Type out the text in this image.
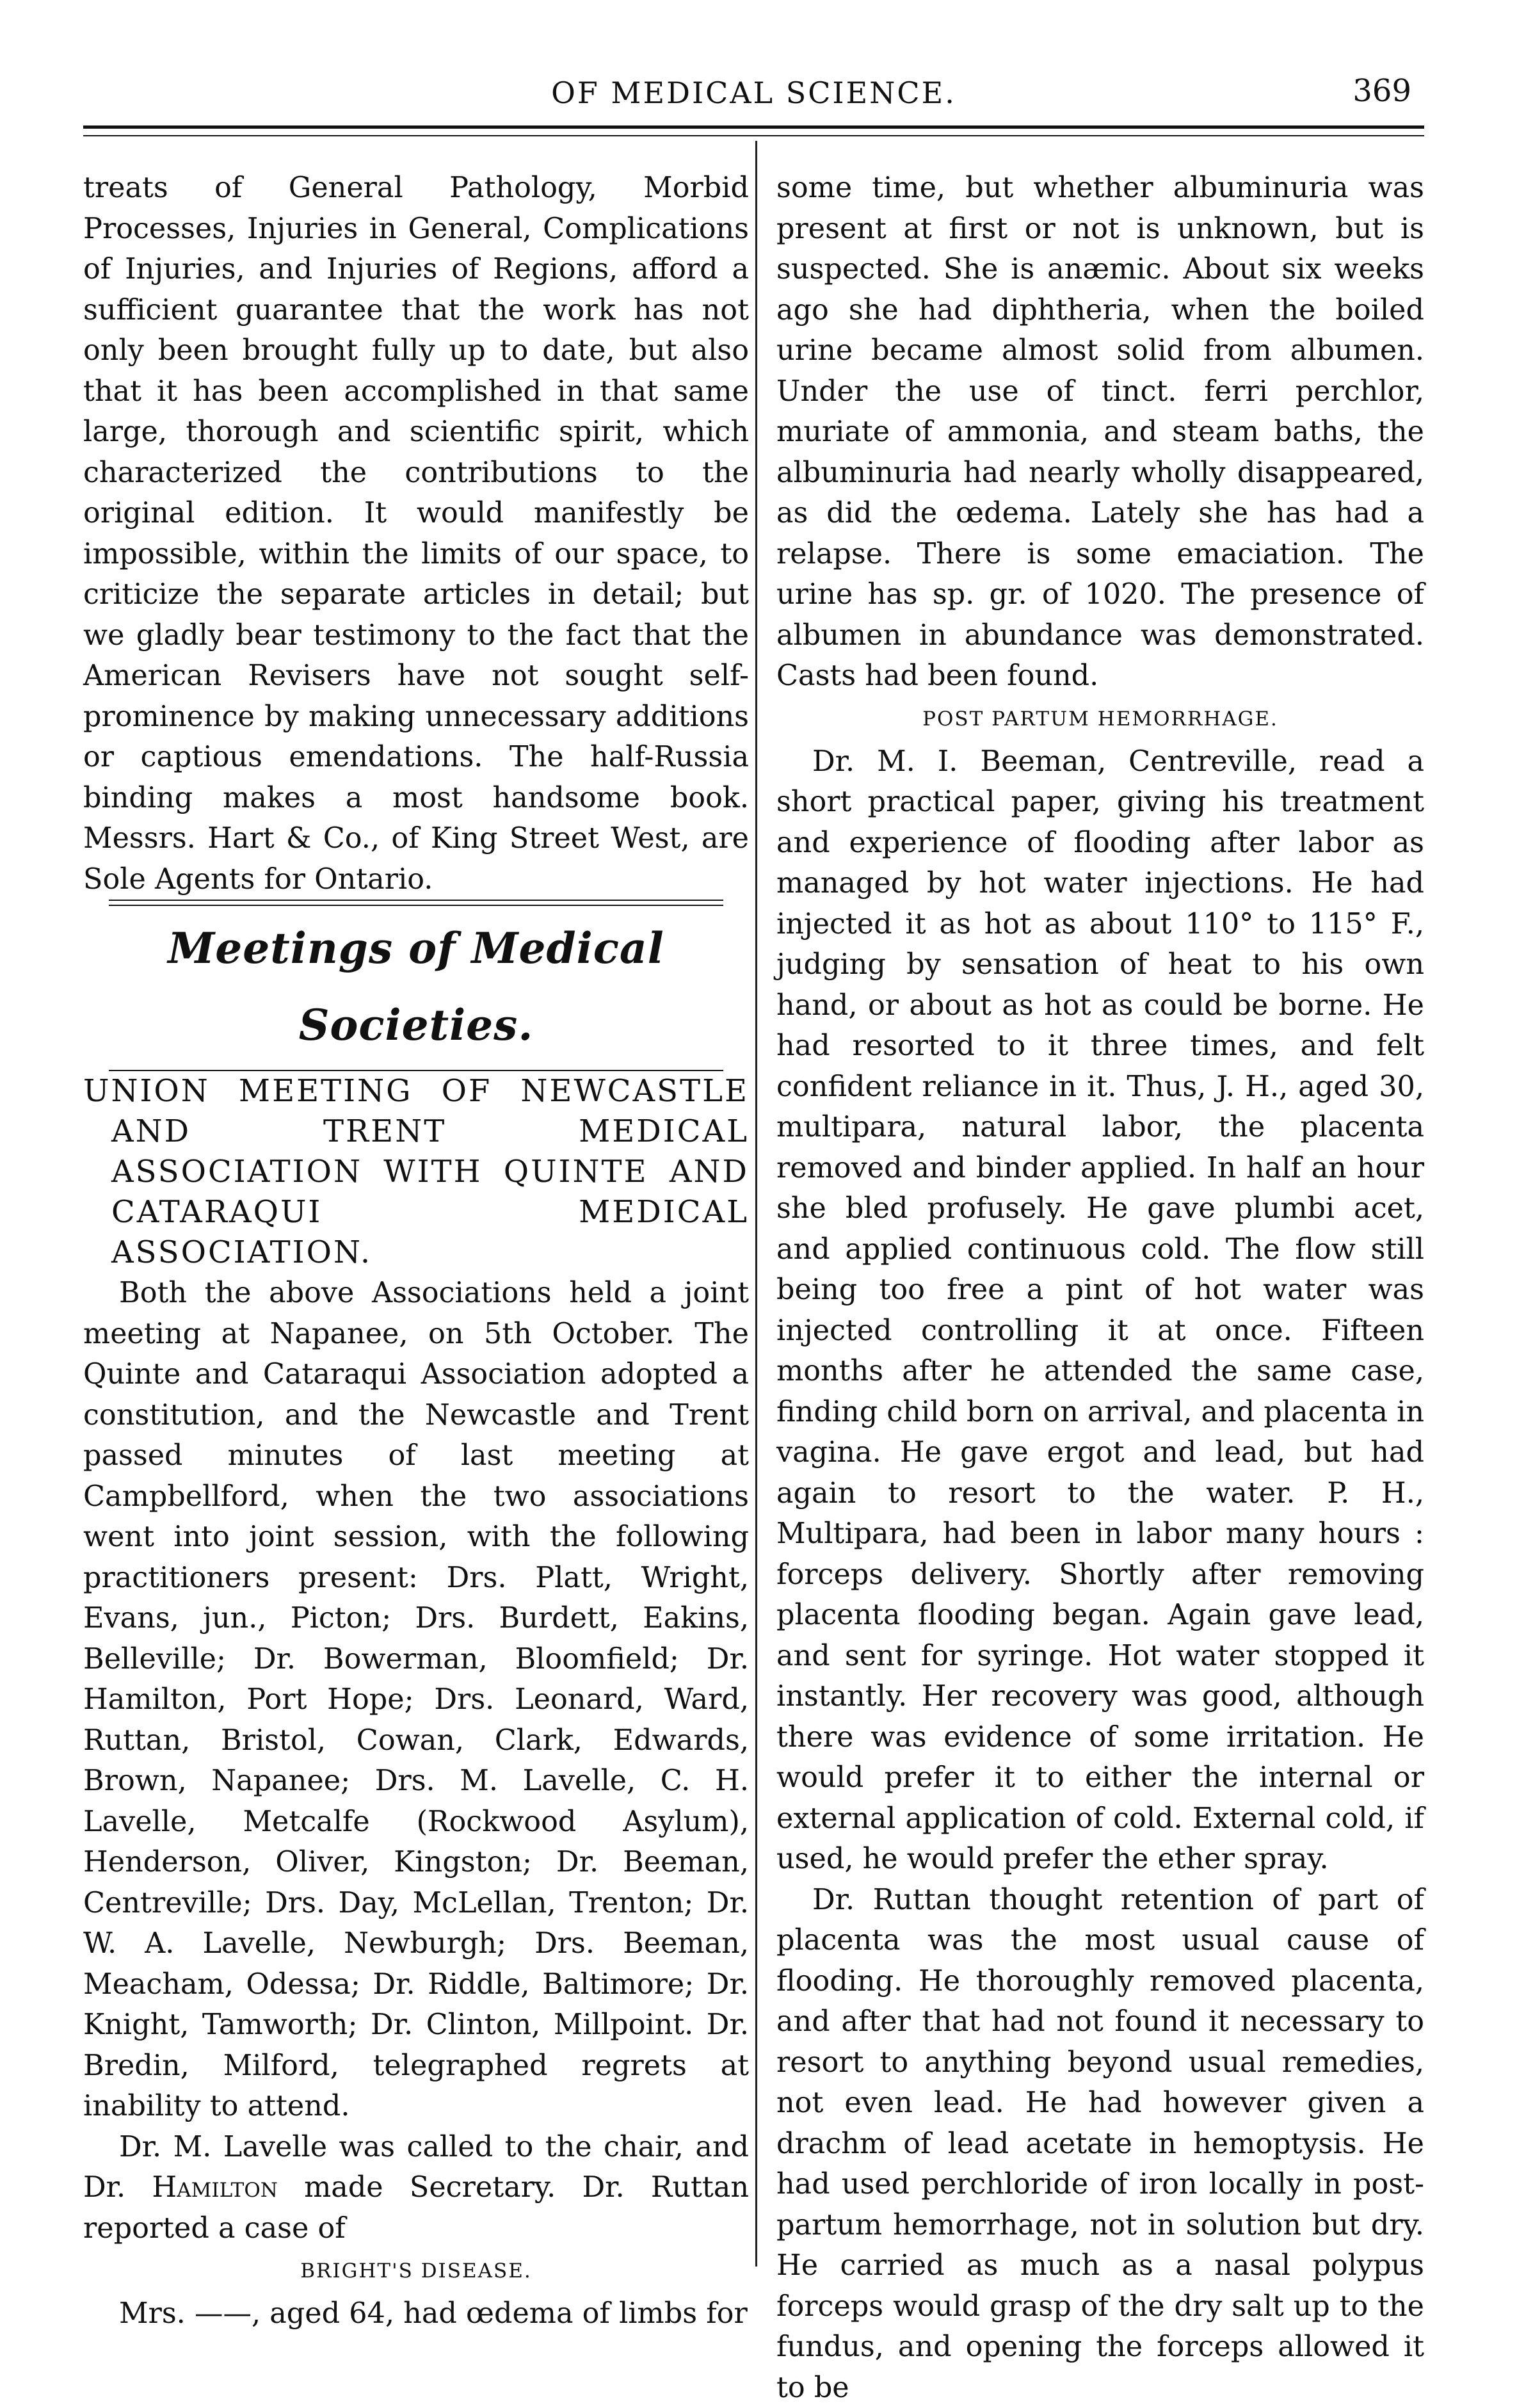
OF MEDICAL SCIENCE.	369

treats of General Pathology, Morbid Processes, Injuries in General, Complications of Injuries, and Injuries of Regions, afford a sufficient guarantee that the work has not only been brought fully up to date, but also that it has been accomplished in that same large, thorough and scientific spirit, which characterized the contributions to the original edition. It would manifestly be impossible, within the limits of our space, to criticize the separate articles in detail; but we gladly bear testimony to the fact that the American Revisers have not sought self-prominence by making unnecessary additions or captious emendations. The half-Russia binding makes a most handsome book. Messrs. Hart & Co., of King Street West, are Sole Agents for Ontario.

Meetings of Medical Societies.

UNION MEETING OF NEWCASTLE AND TRENT MEDICAL ASSOCIATION WITH QUINTE AND CATARAQUI MEDICAL ASSOCIATION.

Both the above Associations held a joint meeting at Napanee, on 5th October. The Quinte and Cataraqui Association adopted a constitution, and the Newcastle and Trent passed minutes of last meeting at Campbellford, when the two associations went into joint session, with the following practitioners present: Drs. Platt, Wright, Evans, jun., Picton; Drs. Burdett, Eakins, Belleville; Dr. Bowerman, Bloomfield; Dr. Hamilton, Port Hope; Drs. Leonard, Ward, Ruttan, Bristol, Cowan, Clark, Edwards, Brown, Napanee; Drs. M. Lavelle, C. H. Lavelle, Metcalfe (Rockwood Asylum), Henderson, Oliver, Kingston; Dr. Beeman, Centreville; Drs. Day, McLellan, Trenton; Dr. W. A. Lavelle, Newburgh; Drs. Beeman, Meacham, Odessa; Dr. Riddle, Baltimore; Dr. Knight, Tamworth; Dr. Clinton, Millpoint. Dr. Bredin, Milford, telegraphed regrets at inability to attend.

Dr. M. Lavelle was called to the chair, and Dr. Hamilton made Secretary. Dr. Ruttan reported a case of

BRIGHT'S DISEASE.

Mrs. ——, aged 64, had œdema of limbs for

some time, but whether albuminuria was present at first or not is unknown, but is suspected. She is anæmic. About six weeks ago she had diphtheria, when the boiled urine became almost solid from albumen. Under the use of tinct. ferri perchlor, muriate of ammonia, and steam baths, the albuminuria had nearly wholly disappeared, as did the œdema. Lately she has had a relapse. There is some emaciation. The urine has sp. gr. of 1020. The presence of albumen in abundance was demonstrated. Casts had been found.

POST PARTUM HEMORRHAGE.

Dr. M. I. Beeman, Centreville, read a short practical paper, giving his treatment and experience of flooding after labor as managed by hot water injections. He had injected it as hot as about 110° to 115° F., judging by sensation of heat to his own hand, or about as hot as could be borne. He had resorted to it three times, and felt confident reliance in it. Thus, J. H., aged 30, multipara, natural labor, the placenta removed and binder applied. In half an hour she bled profusely. He gave plumbi acet, and applied continuous cold. The flow still being too free a pint of hot water was injected controlling it at once. Fifteen months after he attended the same case, finding child born on arrival, and placenta in vagina. He gave ergot and lead, but had again to resort to the water. P. H., Multipara, had been in labor many hours : forceps delivery. Shortly after removing placenta flooding began. Again gave lead, and sent for syringe. Hot water stopped it instantly. Her recovery was good, although there was evidence of some irritation. He would prefer it to either the internal or external application of cold. External cold, if used, he would prefer the ether spray.

Dr. Ruttan thought retention of part of placenta was the most usual cause of flooding. He thoroughly removed placenta, and after that had not found it necessary to resort to anything beyond usual remedies, not even lead. He had however given a drachm of lead acetate in hemoptysis. He had used perchloride of iron locally in post-partum hemorrhage, not in solution but dry. He carried as much as a nasal polypus forceps would grasp of the dry salt up to the fundus, and opening the forceps allowed it to be
